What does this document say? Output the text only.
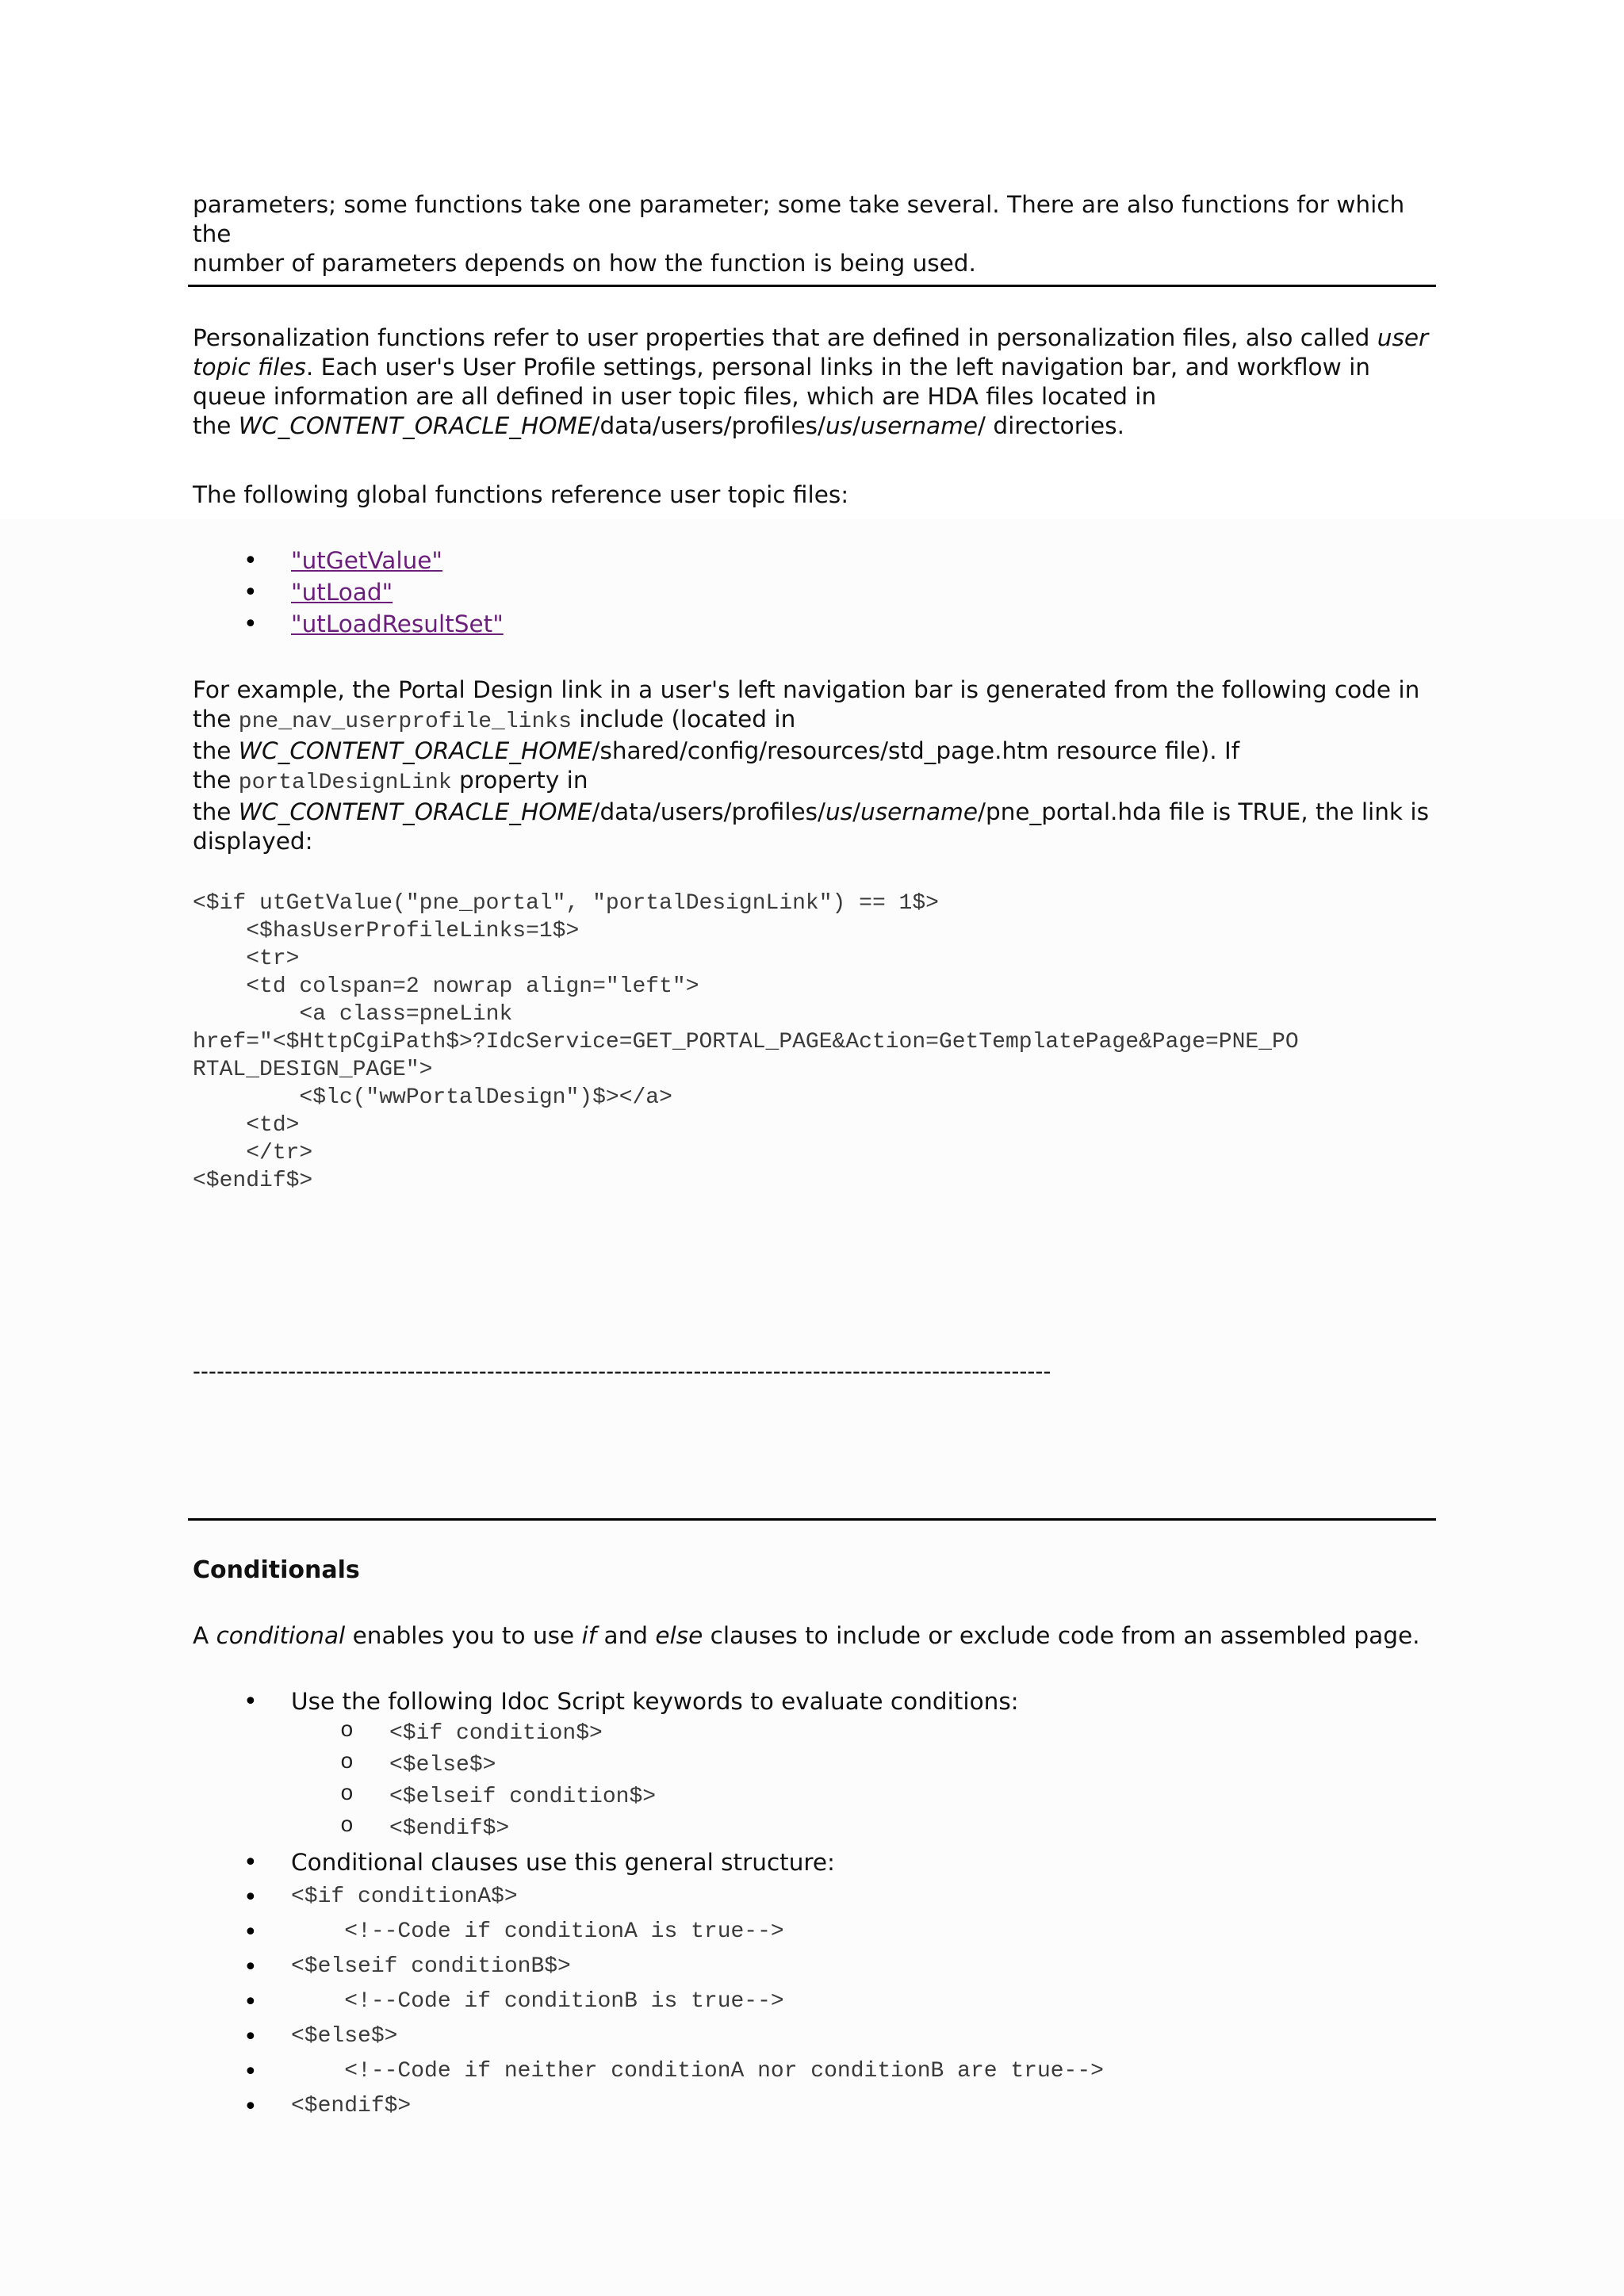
parameters; some functions take one parameter; some take several. There are also functions for which the
number of parameters depends on how the function is being used.

Personalization functions refer to user properties that are defined in personalization files, also called user topic files. Each user's User Profile settings, personal links in the left navigation bar, and workflow in queue information are all defined in user topic files, which are HDA files located in
the WC_CONTENT_ORACLE_HOME/data/users/profiles/us/username/ directories.

The following global functions reference user topic files:

• "utGetValue"
• "utLoad"
• "utLoadResultSet"

For example, the Portal Design link in a user's left navigation bar is generated from the following code in
the pne_nav_userprofile_links include (located in
the WC_CONTENT_ORACLE_HOME/shared/config/resources/std_page.htm resource file). If
the portalDesignLink property in
the WC_CONTENT_ORACLE_HOME/data/users/profiles/us/username/pne_portal.hda file is TRUE, the link is
displayed:

<$if utGetValue("pne_portal", "portalDesignLink") == 1$>
<$hasUserProfileLinks=1$>
<tr>
<td colspan=2 nowrap align="left">
<a class=pneLink
href="<$HttpCgiPath$>?IdcService=GET_PORTAL_PAGE&Action=GetTemplatePage&Page=PNE_PO
RTAL_DESIGN_PAGE">
<$lc("wwPortalDesign")$></a>
<td>
</tr>
<$endif$>

------------------------------------------------------------------------------------------------------------

Conditionals

A conditional enables you to use if and else clauses to include or exclude code from an assembled page.

• Use the following Idoc Script keywords to evaluate conditions:
o <$if condition$>
o <$else$>
o <$elseif condition$>
o <$endif$>
• Conditional clauses use this general structure:
• <$if conditionA$>
•     <!--Code if conditionA is true-->
• <$elseif conditionB$>
•     <!--Code if conditionB is true-->
• <$else$>
•     <!--Code if neither conditionA nor conditionB are true-->
• <$endif$>
